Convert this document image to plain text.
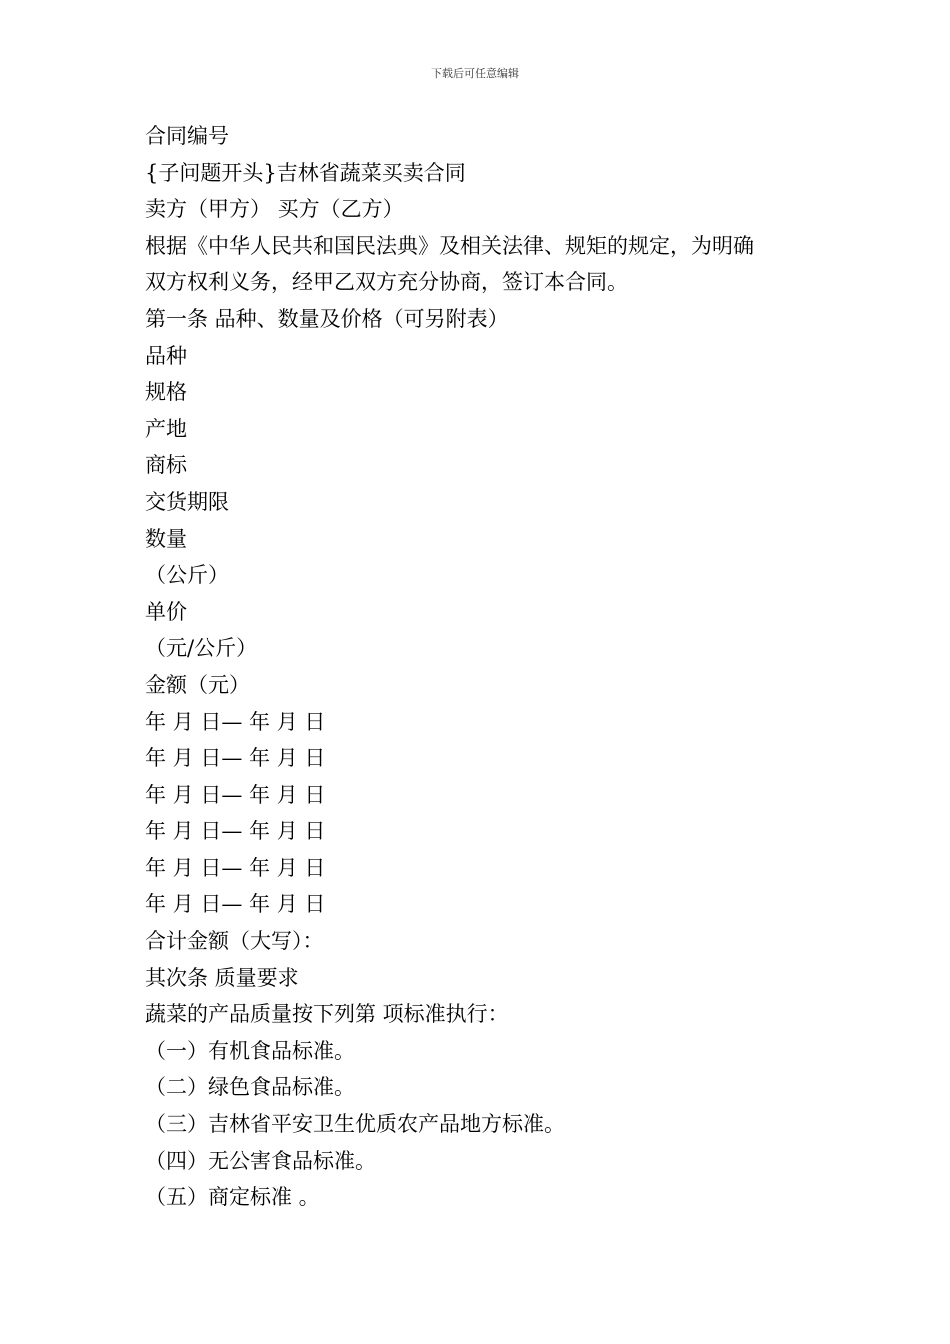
下载后可任意编辑
合同编号
{子问题开头}吉林省蔬菜买卖合同
卖方（甲方） 买方（乙方）
根据《中华人民共和国民法典》及相关法律、规矩的规定，为明确
双方权利义务，经甲乙双方充分协商，签订本合同。
第一条 品种、数量及价格（可另附表）
品种
规格
产地
商标
交货期限
数量
（公斤）
单价
（元/公斤）
金额（元）
年 月 日— 年 月 日
年 月 日— 年 月 日
年 月 日— 年 月 日
年 月 日— 年 月 日
年 月 日— 年 月 日
年 月 日— 年 月 日
合计金额（大写）：
其次条 质量要求
蔬菜的产品质量按下列第 项标准执行：
（一）有机食品标准。
（二）绿色食品标准。
（三）吉林省平安卫生优质农产品地方标准。
（四）无公害食品标准。
（五）商定标准 。
